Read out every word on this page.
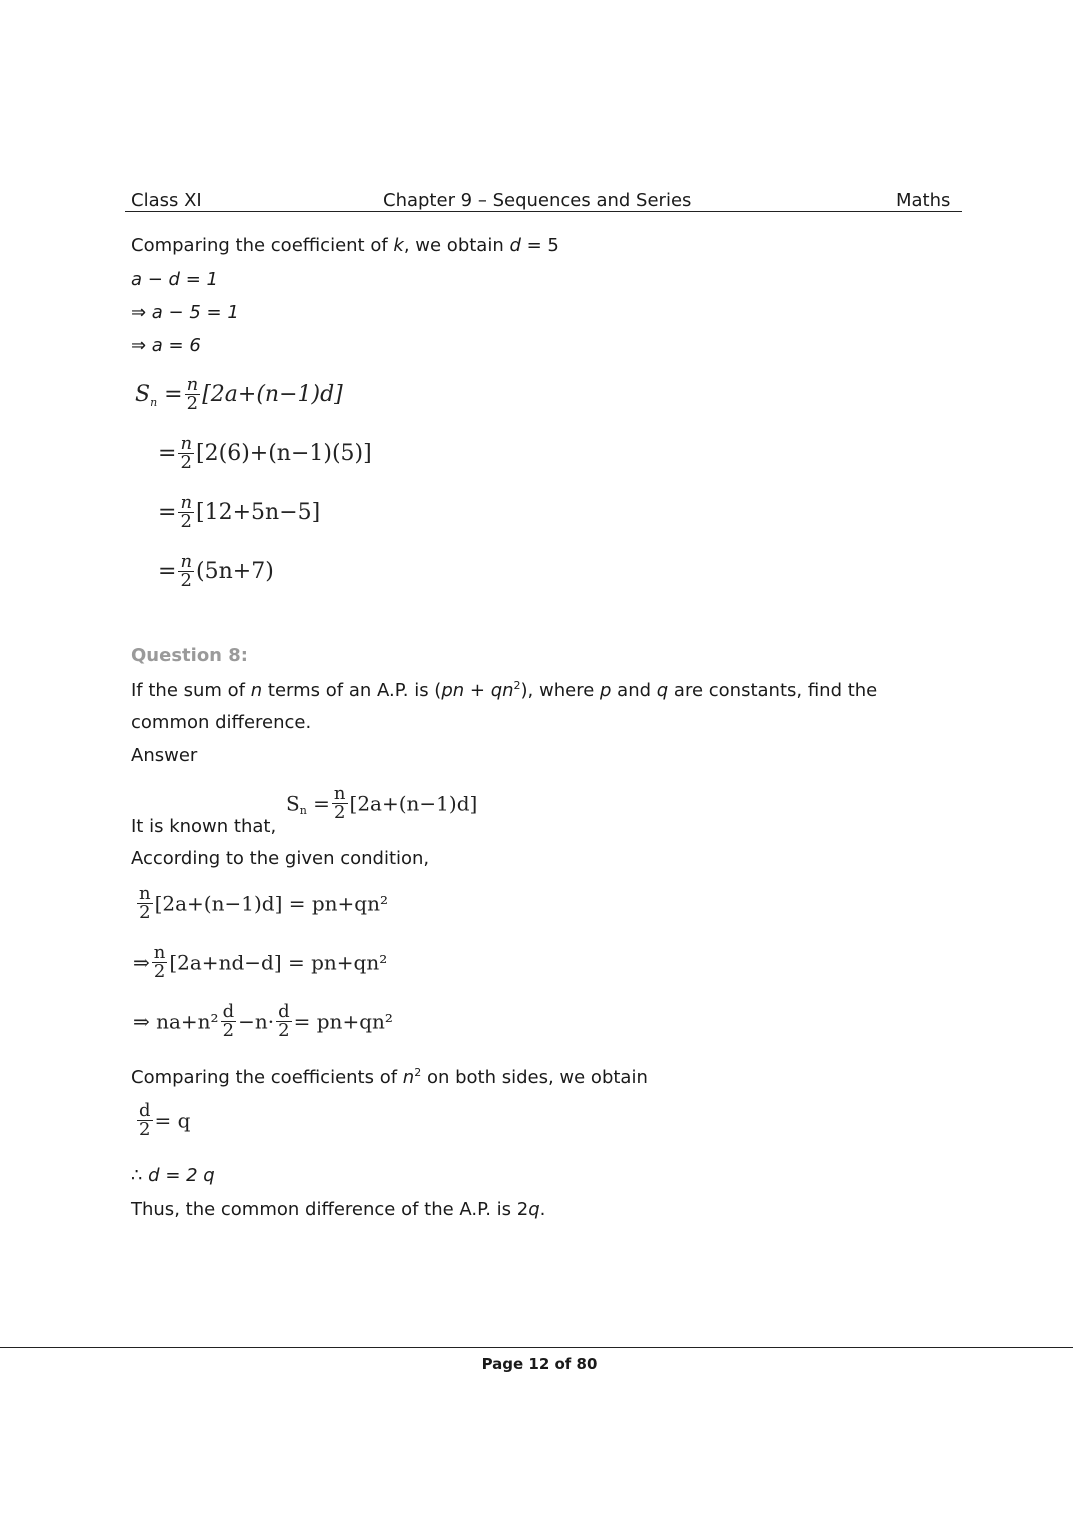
Class XI	Chapter 9 – Sequences and Series	Maths
Comparing the coefficient of k, we obtain d = 5
a − d = 1
⇒ a − 5 = 1
⇒ a = 6
$S_n = \frac{n}{2} [2a+(n-1)d]$
= $\frac{n}{2} [2(6)+(n-1)(5)]$
= $\frac{n}{2} [12+5n-5]$
= $\frac{n}{2} (5n+7)$
Question 8:
If the sum of n terms of an A.P. is $(pn + qn^2)$, where p and q are constants, find the
common difference.
Answer
It is known that,
$S_n = \frac{n}{2} [2a+(n-1)d]$
According to the given condition,
$\frac{n}{2} [2a+(n-1)d] = pn+qn^2$
⇒ $\frac{n}{2} [2a+nd-d] = pn+qn^2$
⇒ $na+n^2 \frac{d}{2} -n\cdot \frac{d}{2} = pn+qn^2$
Comparing the coefficients of $n^2$ on both sides, we obtain
$\frac{d}{2} = q$
∴ d = 2 q
Thus, the common difference of the A.P. is 2q.
Page 12 of 80
